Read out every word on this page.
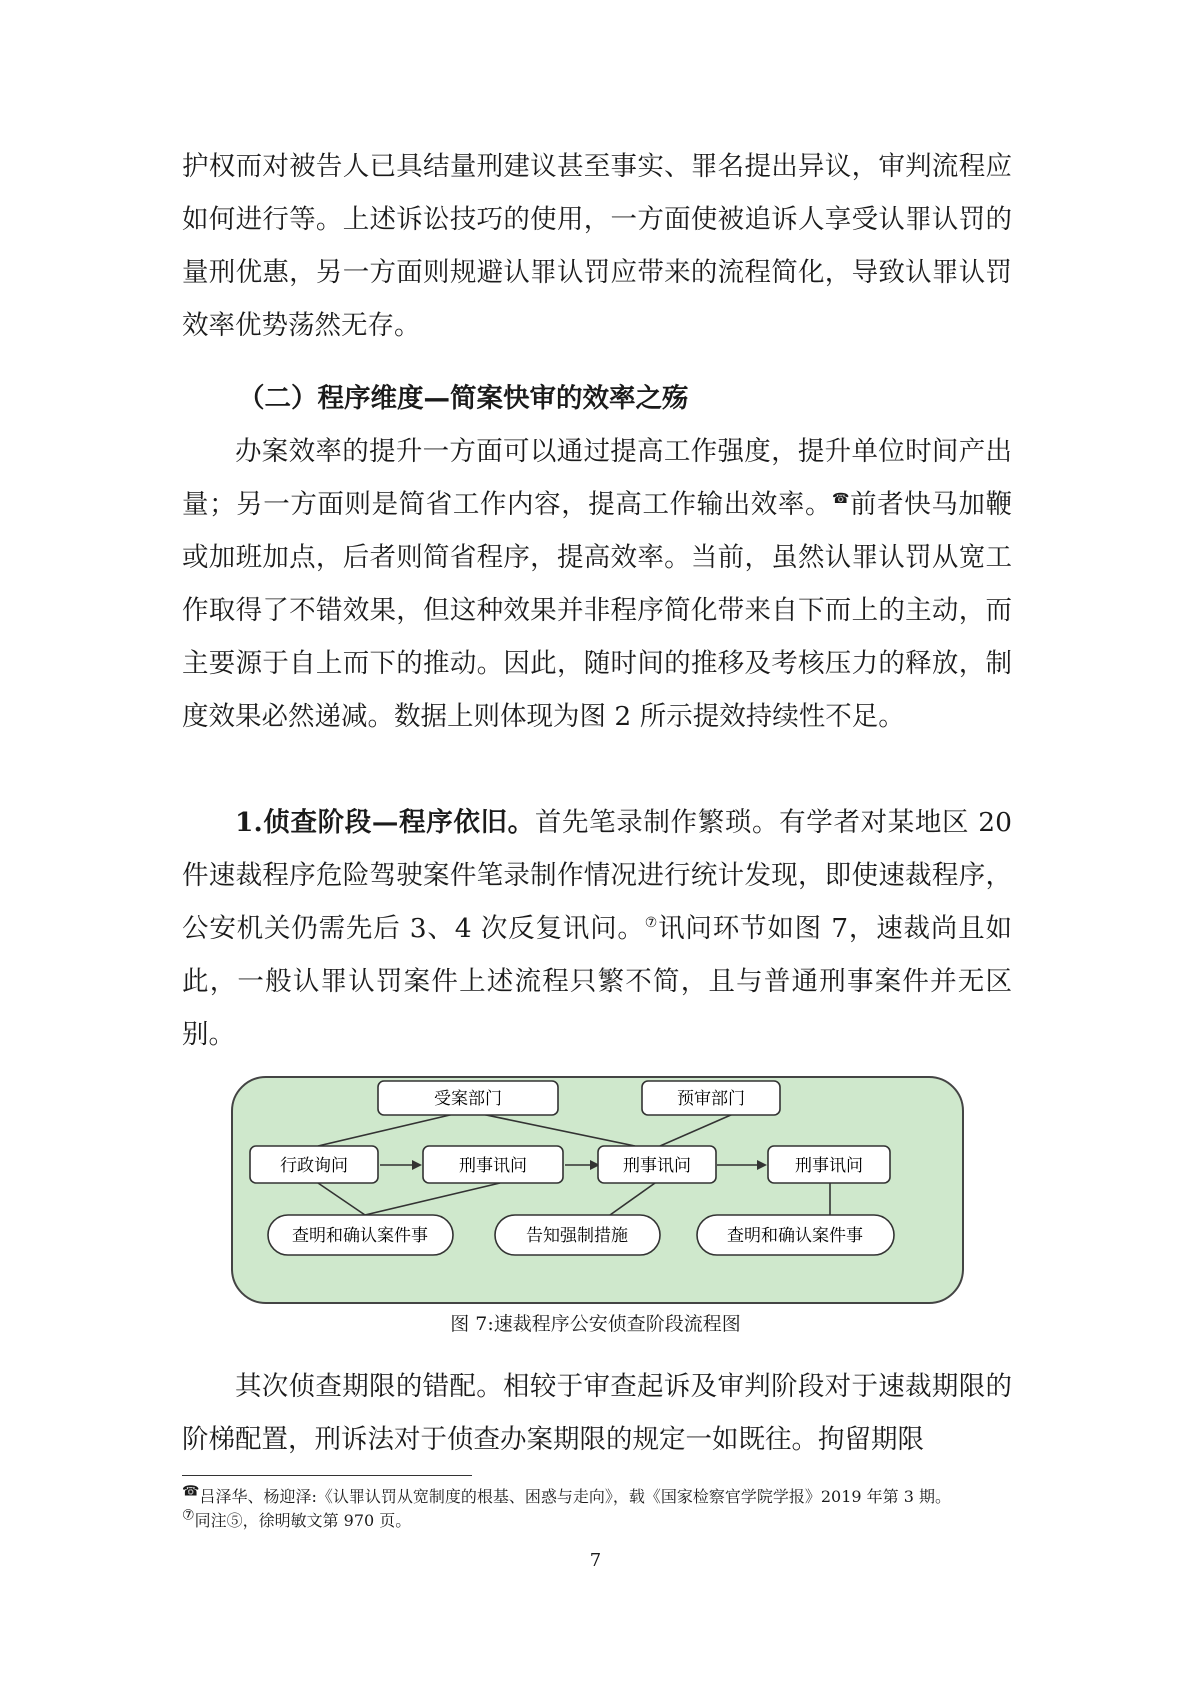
护权而对被告人已具结量刑建议甚至事实、罪名提出异议，审判流程应如何进行等。上述诉讼技巧的使用，一方面使被追诉人享受认罪认罚的量刑优惠，另一方面则规避认罪认罚应带来的流程简化，导致认罪认罚效率优势荡然无存。

（二）程序维度—简案快审的效率之殇

办案效率的提升一方面可以通过提高工作强度，提升单位时间产出量；另一方面则是简省工作内容，提高工作输出效率。☎前者快马加鞭或加班加点，后者则简省程序，提高效率。当前，虽然认罪认罚从宽工作取得了不错效果，但这种效果并非程序简化带来自下而上的主动，而主要源于自上而下的推动。因此，随时间的推移及考核压力的释放，制度效果必然递减。数据上则体现为图 2 所示提效持续性不足。

1.侦查阶段—程序依旧。首先笔录制作繁琐。有学者对某地区 20 件速裁程序危险驾驶案件笔录制作情况进行统计发现，即使速裁程序，公安机关仍需先后 3、4 次反复讯问。⑦讯问环节如图 7，速裁尚且如此，一般认罪认罚案件上述流程只繁不简，且与普通刑事案件并无区别。

受案部门	预审部门
行政询问	刑事讯问	刑事讯问	刑事讯问
查明和确认案件事	告知强制措施	查明和确认案件事
图 7:速裁程序公安侦查阶段流程图

其次侦查期限的错配。相较于审查起诉及审判阶段对于速裁期限的阶梯配置，刑诉法对于侦查办案期限的规定一如既往。拘留期限

☎吕泽华、杨迎泽:《认罪认罚从宽制度的根基、困惑与走向》，载《国家检察官学院学报》2019 年第 3 期。
⑦同注⑤，徐明敏文第 970 页。
7
